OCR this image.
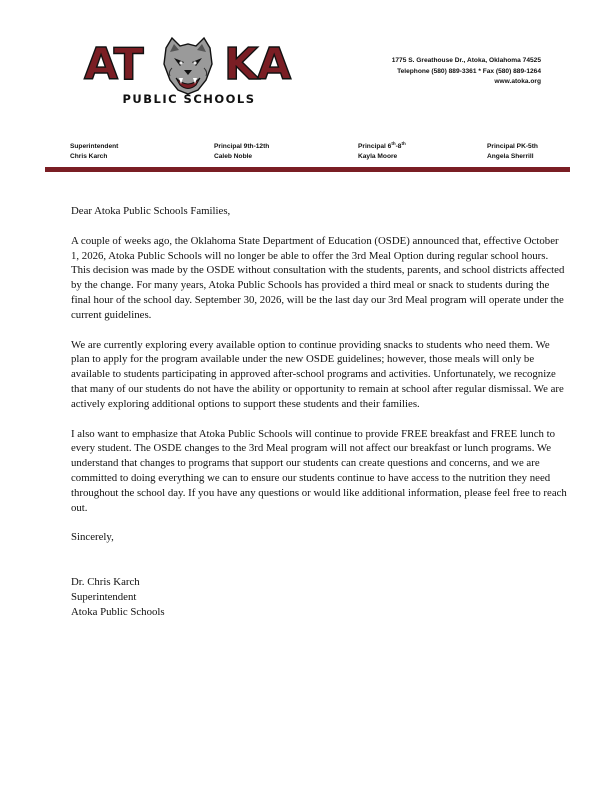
AT KA
PUBLIC SCHOOLS
1775 S. Greathouse Dr., Atoka, Oklahoma 74525
Telephone (580) 889-3361 * Fax (580) 889-1264
www.atoka.org
Superintendent
Chris Karch
Principal 9th-12th
Caleb Noble
Principal 6th-8th
Kayla Moore
Principal PK-5th
Angela Sherrill

Dear Atoka Public Schools Families,

A couple of weeks ago, the Oklahoma State Department of Education (OSDE) announced that, effective October 1, 2026, Atoka Public Schools will no longer be able to offer the 3rd Meal Option during regular school hours. This decision was made by the OSDE without consultation with the students, parents, and school districts affected by the change. For many years, Atoka Public Schools has provided a third meal or snack to students during the final hour of the school day. September 30, 2026, will be the last day our 3rd Meal program will operate under the current guidelines.

We are currently exploring every available option to continue providing snacks to students who need them. We plan to apply for the program available under the new OSDE guidelines; however, those meals will only be available to students participating in approved after-school programs and activities. Unfortunately, we recognize that many of our students do not have the ability or opportunity to remain at school after regular dismissal. We are actively exploring additional options to support these students and their families.

I also want to emphasize that Atoka Public Schools will continue to provide FREE breakfast and FREE lunch to every student. The OSDE changes to the 3rd Meal program will not affect our breakfast or lunch programs. We understand that changes to programs that support our students can create questions and concerns, and we are committed to doing everything we can to ensure our students continue to have access to the nutrition they need throughout the school day. If you have any questions or would like additional information, please feel free to reach out.

Sincerely,

Dr. Chris Karch
Superintendent
Atoka Public Schools
